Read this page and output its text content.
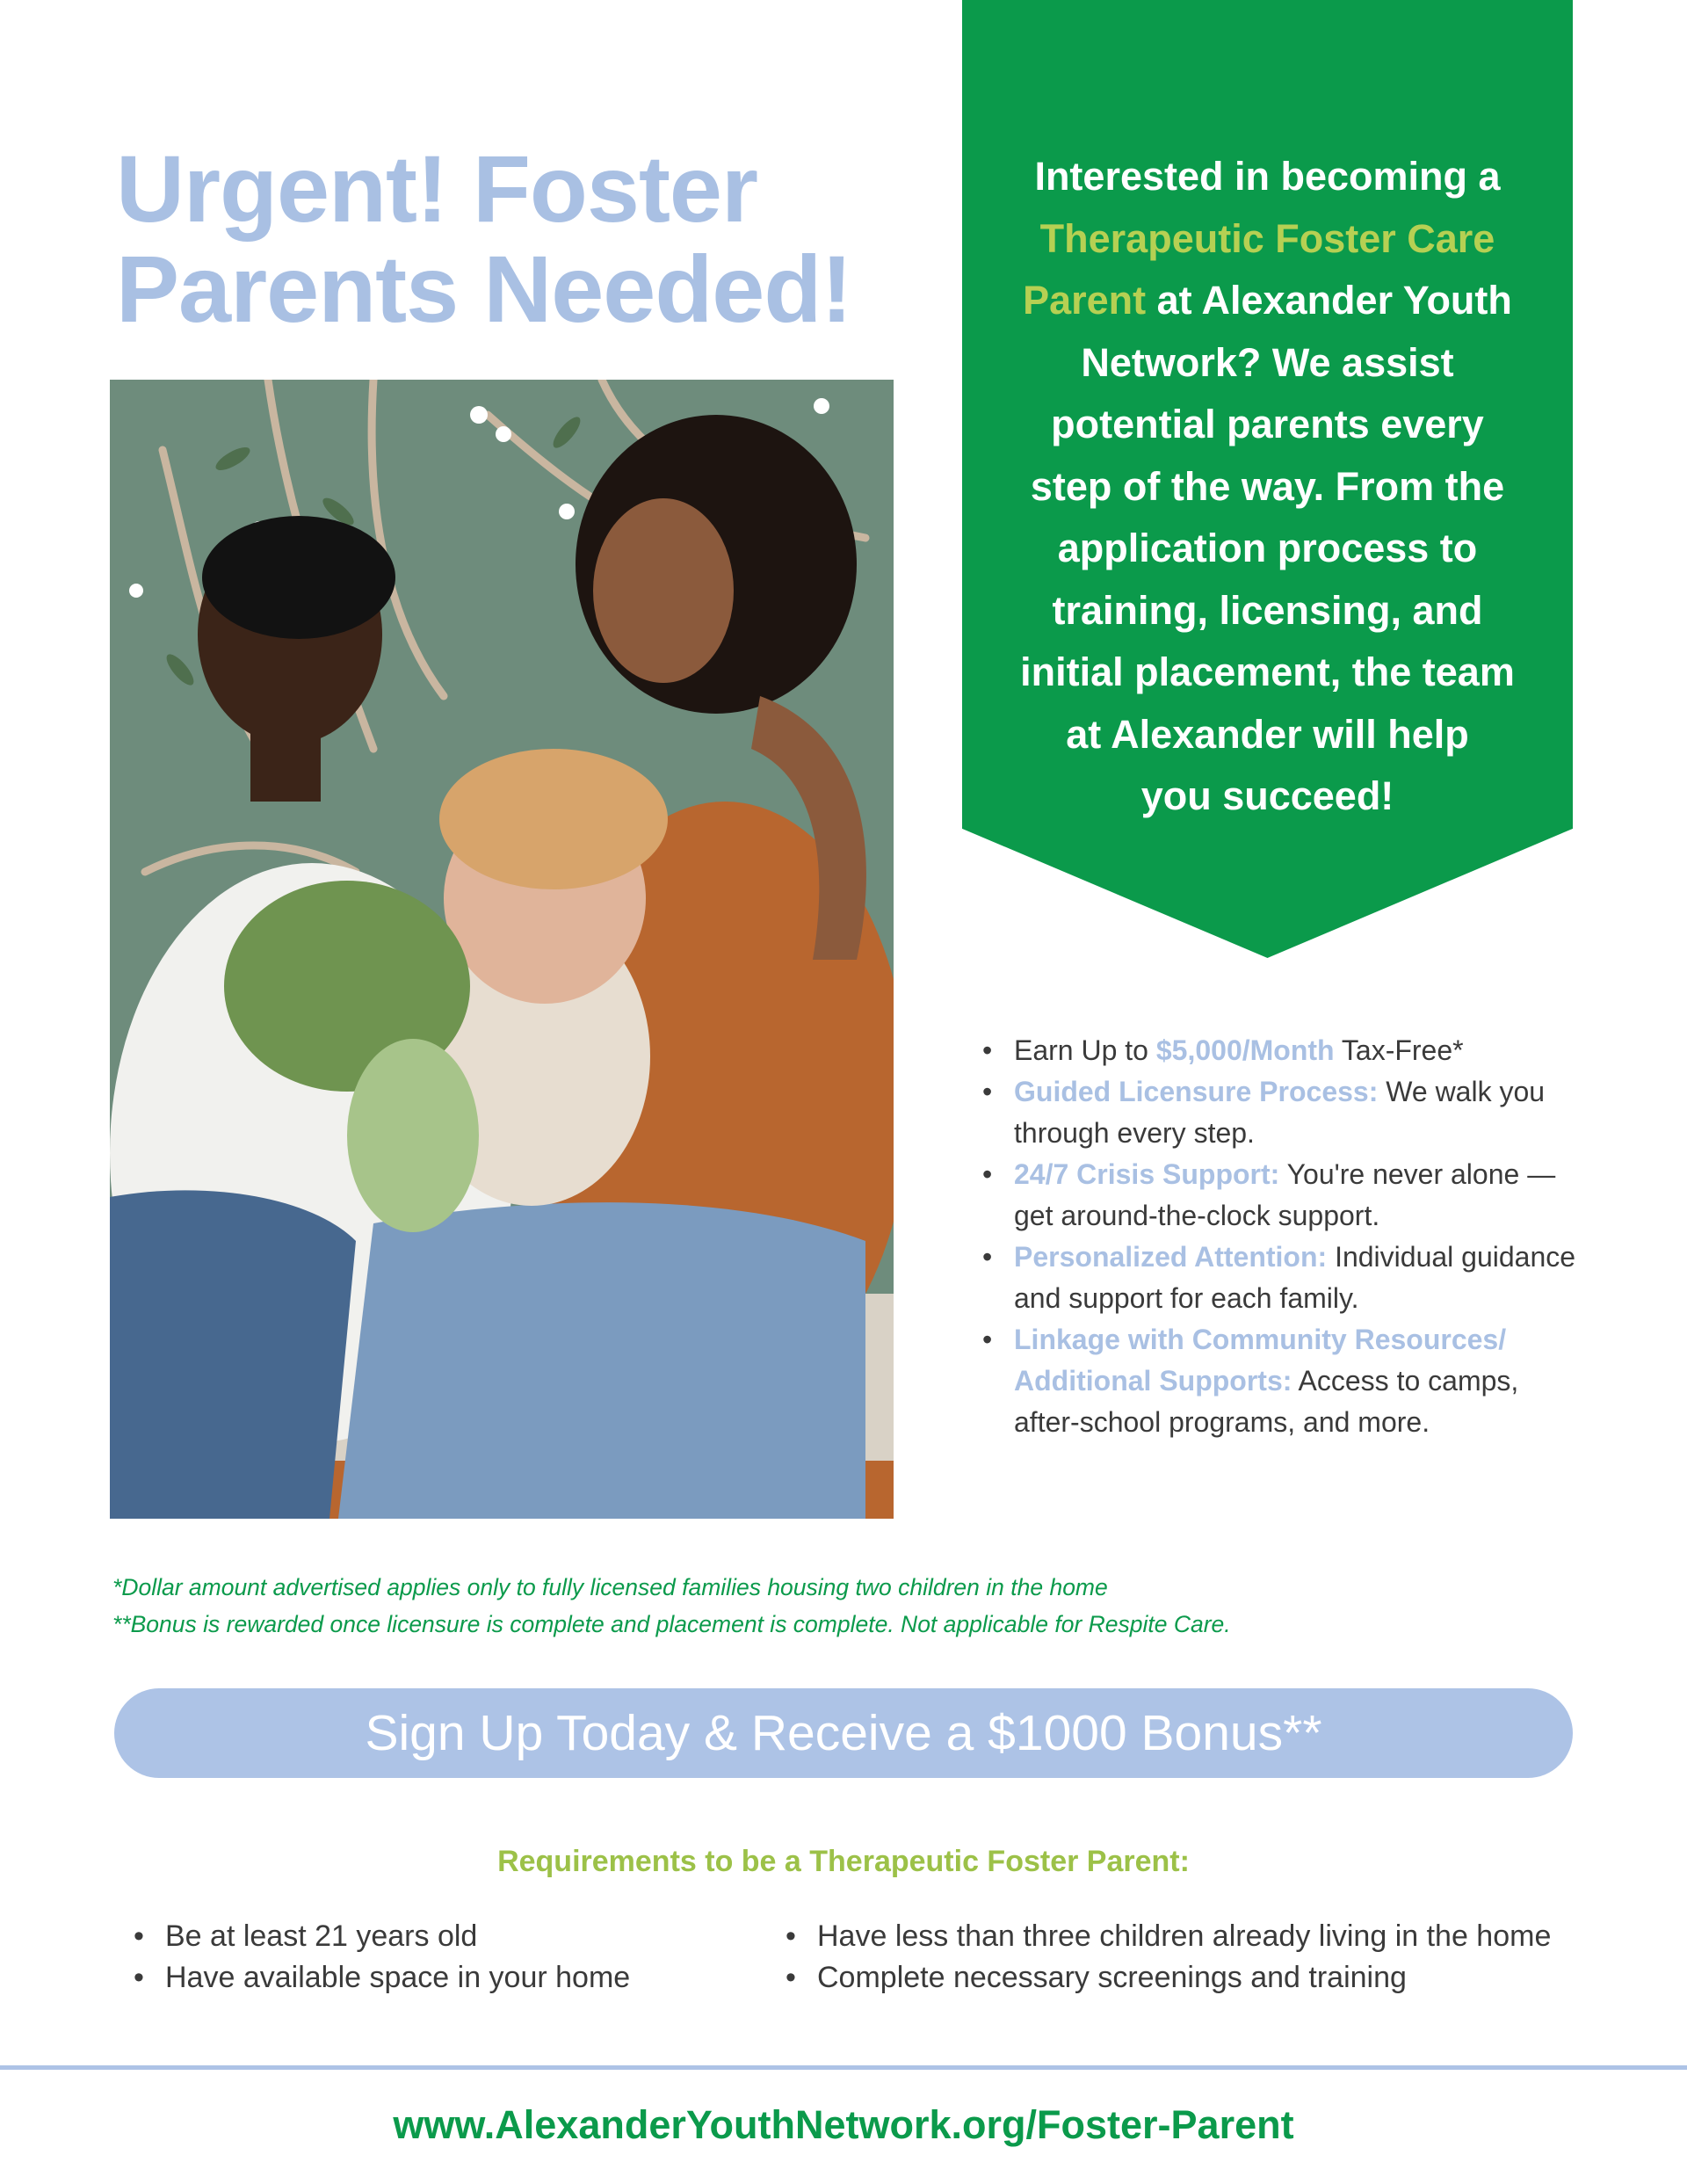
Urgent! Foster
Parents Needed!

Interested in becoming a
Therapeutic Foster Care
Parent at Alexander Youth
Network? We assist
potential parents every
step of the way. From the
application process to
training, licensing, and
initial placement, the team
at Alexander will help
you succeed!

• Earn Up to $5,000/Month Tax-Free*
• Guided Licensure Process: We walk you through every step.
• 24/7 Crisis Support: You're never alone — get around-the-clock support.
• Personalized Attention: Individual guidance and support for each family.
• Linkage with Community Resources/ Additional Supports: Access to camps, after-school programs, and more.

*Dollar amount advertised applies only to fully licensed families housing two children in the home

**Bonus is rewarded once licensure is complete and placement is complete. Not applicable for Respite Care.

Sign Up Today & Receive a $1000 Bonus**
Requirements to be a Therapeutic Foster Parent:
• Be at least 21 years old
• Have available space in your home
• Have less than three children already living in the home
• Complete necessary screenings and training
www.AlexanderYouthNetwork.org/Foster-Parent
